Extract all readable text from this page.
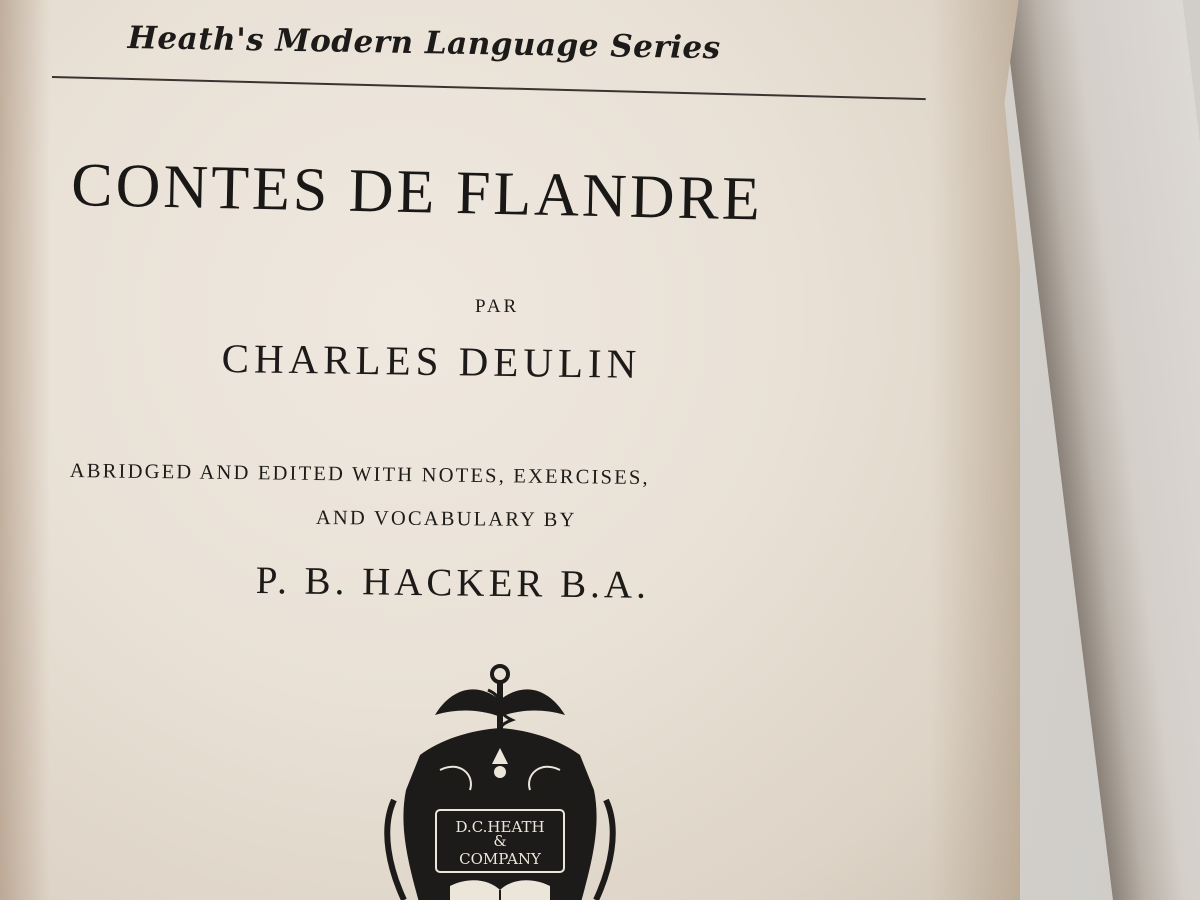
Heath's Modern Language Series
CONTES DE FLANDRE
PAR
CHARLES DEULIN
ABRIDGED AND EDITED WITH NOTES, EXERCISES,
AND VOCABULARY BY
P. B. HACKER B.A.
D.C.HEATH
&
COMPANY
